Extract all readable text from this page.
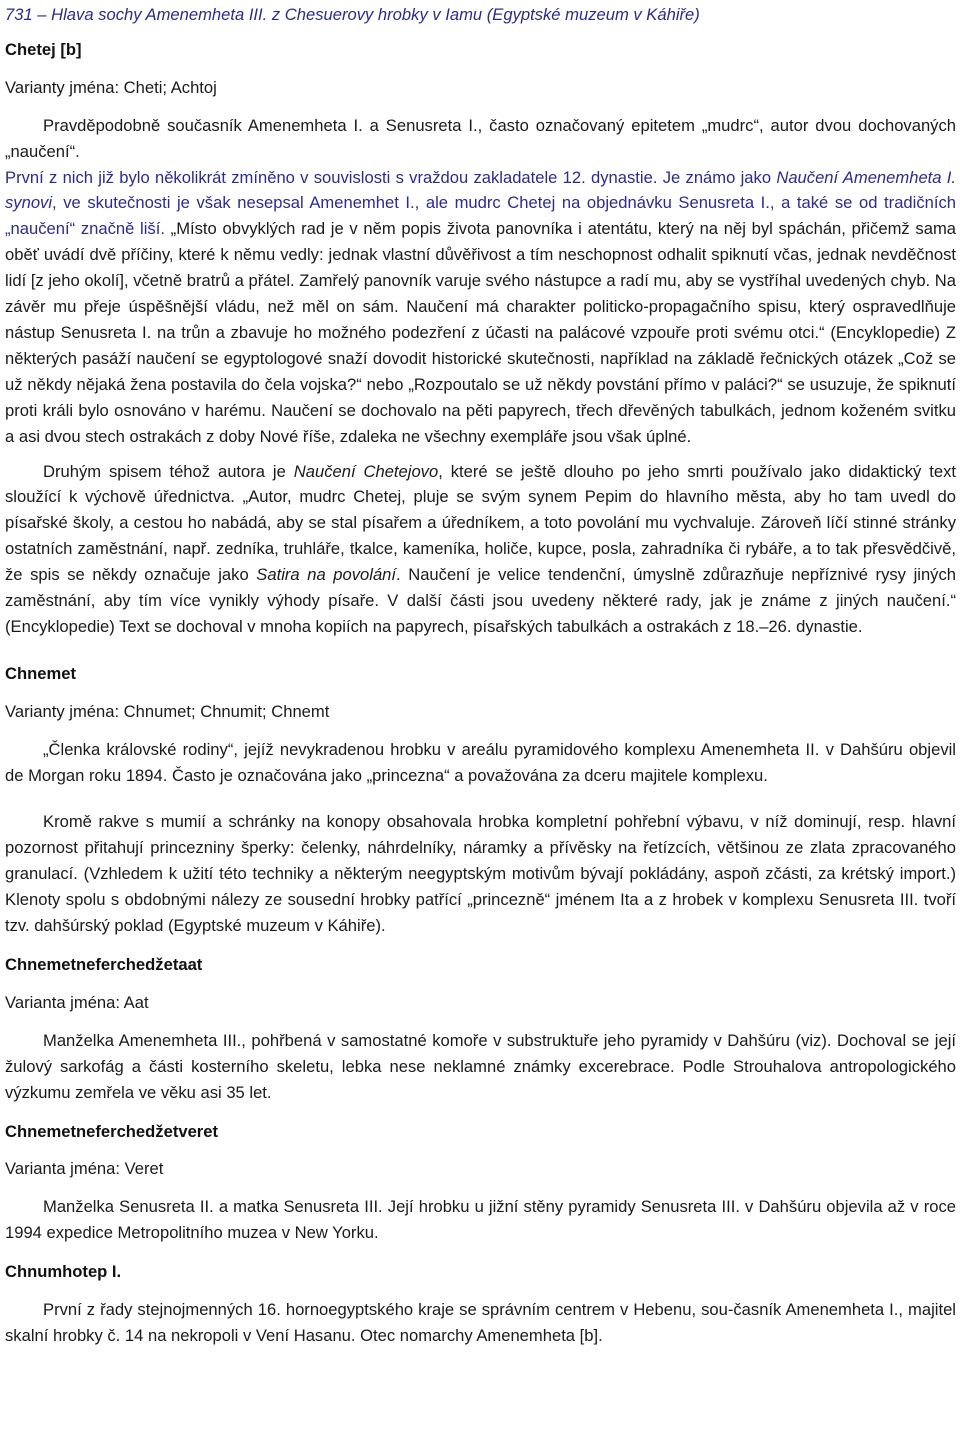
731 – Hlava sochy Amenemheta III. z Chesuerovy hrobky v Iamu (Egyptské muzeum v Káhiře)

Chetej [b]

Varianty jména: Cheti; Achtoj

Pravděpodobně současník Amenemheta I. a Senusreta I., často označovaný epitetem „mudrc“, autor dvou dochovaných „naučení“.
První z nich již bylo několikrát zmíněno v souvislosti s vraždou zakladatele 12. dynastie. Je známo jako Naučení Amenemheta I. synovi, ve skutečnosti je však nesepsal Amenemhet I., ale mudrc Chetej na objednávku Senusreta I., a také se od tradičních „naučení“ značně liší. „Místo obvyklých rad je v něm popis života panovníka i atentátu, který na něj byl spáchán, přičemž sama oběť uvádí dvě příčiny, které k němu vedly: jednak vlastní důvěřivost a tím neschopnost odhalit spiknutí včas, jednak nevděčnost lidí [z jeho okolí], včetně bratrů a přátel. Zamřelý panovník varuje svého nástupce a radí mu, aby se vystříhal uvedených chyb. Na závěr mu přeje úspěšnější vládu, než měl on sám. Naučení má charakter politicko-propagačního spisu, který ospravedlňuje nástup Senusreta I. na trůn a zbavuje ho možného podezření z účasti na palácové vzpouře proti svému otci.“ (Encyklopedie) Z některých pasáží naučení se egyptologové snaží dovodit historické skutečnosti, například na základě řečnických otázek „Což se už někdy nějaká žena postavila do čela vojska?“ nebo „Rozpoutalo se už někdy povstání přímo v paláci?“ se usuzuje, že spiknutí proti králi bylo osnováno v harému. Naučení se dochovalo na pěti papyrech, třech dřevěných tabulkách, jednom koženém svitku a asi dvou stech ostrakách z doby Nové říše, zdaleka ne všechny exempláře jsou však úplné.

Druhým spisem téhož autora je Naučení Chetejovo, které se ještě dlouho po jeho smrti používalo jako didaktický text sloužící k výchově úřednictva. „Autor, mudrc Chetej, pluje se svým synem Pepim do hlavního města, aby ho tam uvedl do písařské školy, a cestou ho nabádá, aby se stal písařem a úředníkem, a toto povolání mu vychvaluje. Zároveň líčí stinné stránky ostatních zaměstnání, např. zedníka, truhláře, tkalce, kameníka, holiče, kupce, posla, zahradníka či rybáře, a to tak přesvědčivě, že spis se někdy označuje jako Satira na povolání. Naučení je velice tendenční, úmyslně zdůrazňuje nepříznivé rysy jiných zaměstnání, aby tím více vynikly výhody písaře. V další části jsou uvedeny některé rady, jak je známe z jiných naučení.“ (Encyklopedie) Text se dochoval v mnoha kopiích na papyrech, písařských tabulkách a ostrakách z 18.–26. dynastie.

Chnemet

Varianty jména: Chnumet; Chnumit; Chnemt

„Členka královské rodiny“, jejíž nevykradenou hrobku v areálu pyramidového komplexu Amenemheta II. v Dahšúru objevil de Morgan roku 1894. Často je označována jako „princezna“ a považována za dceru majitele komplexu.

Kromě rakve s mumií a schránky na konopy obsahovala hrobka kompletní pohřební výbavu, v níž dominují, resp. hlavní pozornost přitahují princezniny šperky: čelenky, náhrdelníky, náramky a přívěsky na řetízcích, většinou ze zlata zpracovaného granulací. (Vzhledem k užití této techniky a některým neegyptským motivům bývají pokládány, aspoň zčásti, za krétský import.) Klenoty spolu s obdobnými nálezy ze sousední hrobky patřící „princezně“ jménem Ita a z hrobek v komplexu Senusreta III. tvoří tzv. dahšúrský poklad (Egyptské muzeum v Káhiře).

Chnemetneferchedžetaat

Varianta jména: Aat

Manželka Amenemheta III., pohřbená v samostatné komoře v substruktuře jeho pyramidy v Dahšúru (viz). Dochoval se její žulový sarkofág a části kosterního skeletu, lebka nese neklamné známky excerebrace. Podle Strouhalova antropologického výzkumu zemřela ve věku asi 35 let.

Chnemetneferchedžetveret

Varianta jména: Veret

Manželka Senusreta II. a matka Senusreta III. Její hrobku u jižní stěny pyramidy Senusreta III. v Dahšúru objevila až v roce 1994 expedice Metropolitního muzea v New Yorku.

Chnumhotep I.

První z řady stejnojmenných 16. hornoegyptského kraje se správním centrem v Hebenu, sou-časník Amenemheta I., majitel skalní hrobky č. 14 na nekropoli v Vení Hasanu. Otec nomarchy Amenemheta [b].
